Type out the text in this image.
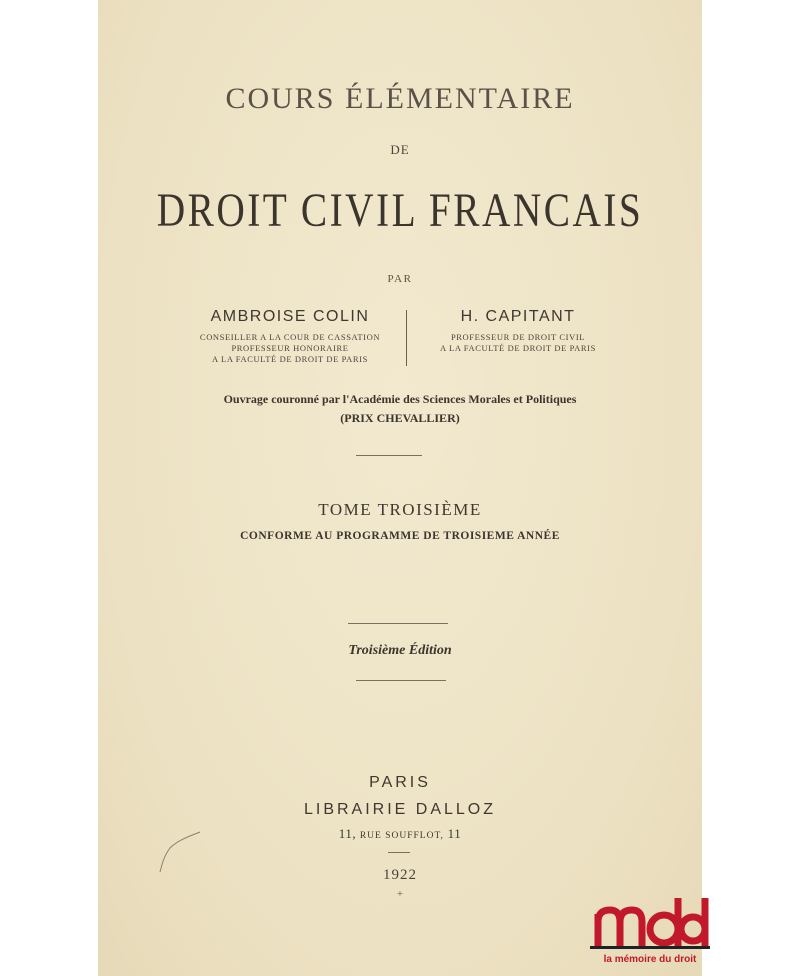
COURS ÉLÉMENTAIRE
DE
DROIT CIVIL FRANCAIS
PAR
AMBROISE COLIN
CONSEILLER A LA COUR DE CASSATION
PROFESSEUR HONORAIRE
A LA FACULTÉ DE DROIT DE PARIS
H. CAPITANT
PROFESSEUR DE DROIT CIVIL
A LA FACULTÉ DE DROIT DE PARIS
Ouvrage couronné par l'Académie des Sciences Morales et Politiques
(PRIX CHEVALLIER)
TOME TROISIÈME
CONFORME AU PROGRAMME DE TROISIEME ANNÉE
Troisième Édition
PARIS
LIBRAIRIE DALLOZ
11, RUE SOUFFLOT, 11
1922
+
la mémoire du droit
